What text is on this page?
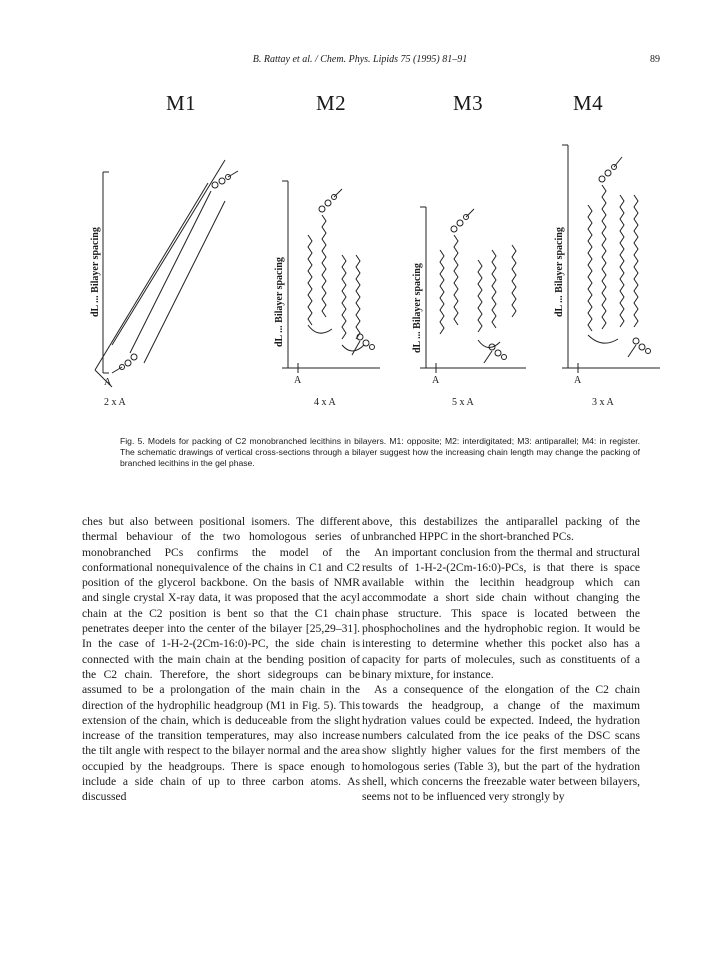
B. Rattay et al. / Chem. Phys. Lipids 75 (1995) 81–91	89
M1	M2	M3	M4
dL ... Bilayer spacing	dL ... Bilayer spacing	dL ... Bilayer spacing	dL ... Bilayer spacing
A	A	A	A
2 x A	4 x A	5 x A	3 x A
Fig. 5. Models for packing of C2 monobranched lecithins in bilayers. M1: opposite; M2: interdigitated; M3: antiparallel; M4: in register. The schematic drawings of vertical cross-sections through a bilayer suggest how the increasing chain length may change the packing of branched lecithins in the gel phase.

ches but also between positional isomers. The different thermal behaviour of the two homologous series of monobranched PCs confirms the model of the conformational nonequivalence of the chains in C1 and C2 position of the glycerol backbone. On the basis of NMR and single crystal X-ray data, it was proposed that the acyl chain at the C2 position is bent so that the C1 chain penetrates deeper into the center of the bilayer [25,29–31]. In the case of 1-H-2-(2Cm-16:0)-PC, the side chain is connected with the main chain at the bending position of the C2 chain. Therefore, the short sidegroups can be assumed to be a prolongation of the main chain in the direction of the hydrophilic headgroup (M1 in Fig. 5). This extension of the chain, which is deduceable from the slight increase of the transition temperatures, may also increase the tilt angle with respect to the bilayer normal and the area occupied by the headgroups. There is space enough to include a side chain of up to three carbon atoms. As discussed

above, this destabilizes the antiparallel packing of the unbranched HPPC in the short-branched PCs.

An important conclusion from the thermal and structural results of 1-H-2-(2Cm-16:0)-PCs, is that there is space available within the lecithin headgroup which can accommodate a short side chain without changing the phase structure. This space is located between the phosphocholines and the hydrophobic region. It would be interesting to determine whether this pocket also has a capacity for parts of molecules, such as constituents of a binary mixture, for instance.

As a consequence of the elongation of the C2 chain towards the headgroup, a change of the maximum hydration values could be expected. Indeed, the hydration numbers calculated from the ice peaks of the DSC scans show slightly higher values for the first members of the homologous series (Table 3), but the part of the hydration shell, which concerns the freezable water between bilayers, seems not to be influenced very strongly by
